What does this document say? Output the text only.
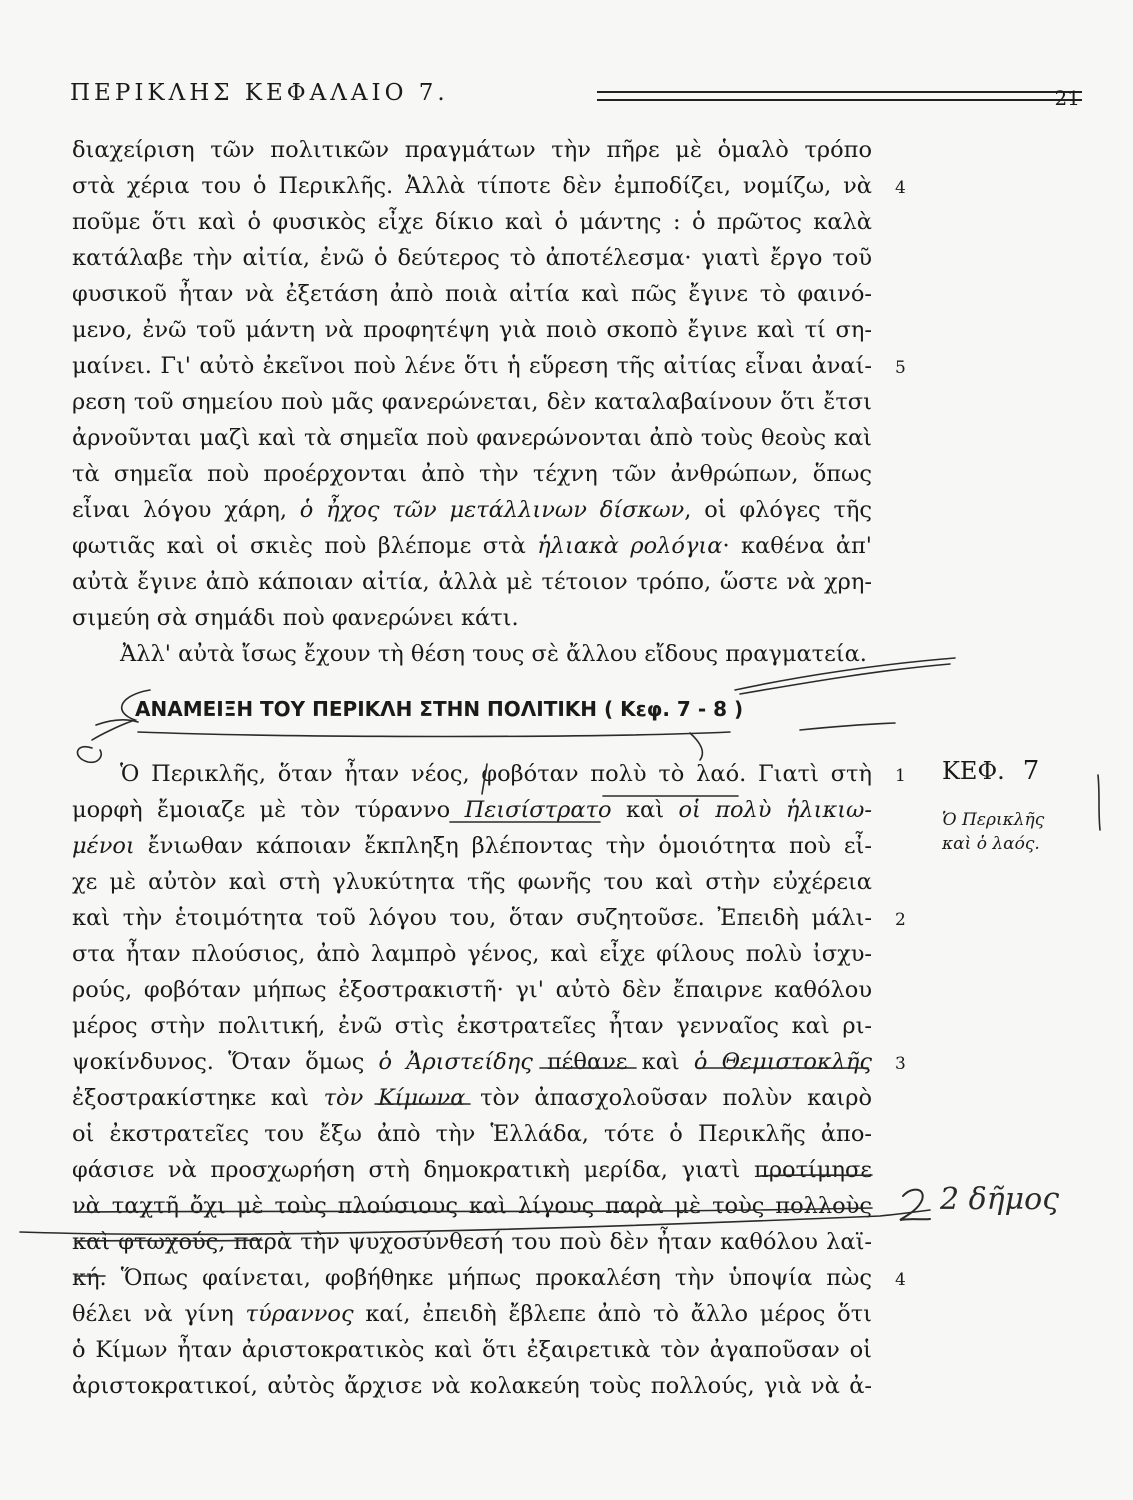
ΠΕΡΙΚΛΗΣ ΚΕΦΑΛΑΙΟ 7.	21
διαχείριση τῶν πολιτικῶν πραγμάτων τὴν πῆρε μὲ ὁμαλὸ τρόπο
στὰ χέρια του ὁ Περικλῆς. Ἀλλὰ τίποτε δὲν ἐμποδίζει, νομίζω, νὰ
ποῦμε ὅτι καὶ ὁ φυσικὸς εἶχε δίκιο καὶ ὁ μάντης : ὁ πρῶτος καλὰ
κατάλαβε τὴν αἰτία, ἐνῶ ὁ δεύτερος τὸ ἀποτέλεσμα· γιατὶ ἔργο τοῦ
φυσικοῦ ἦταν νὰ ἐξετάση ἀπὸ ποιὰ αἰτία καὶ πῶς ἔγινε τὸ φαινό-
μενο, ἐνῶ τοῦ μάντη νὰ προφητέψη γιὰ ποιὸ σκοπὸ ἔγινε καὶ τί ση-
μαίνει. Γι' αὐτὸ ἐκεῖνοι ποὺ λένε ὅτι ἡ εὕρεση τῆς αἰτίας εἶναι ἀναί-
ρεση τοῦ σημείου ποὺ μᾶς φανερώνεται, δὲν καταλαβαίνουν ὅτι ἔτσι
ἀρνοῦνται μαζὶ καὶ τὰ σημεῖα ποὺ φανερώνονται ἀπὸ τοὺς θεοὺς καὶ
τὰ σημεῖα ποὺ προέρχονται ἀπὸ τὴν τέχνη τῶν ἀνθρώπων, ὅπως
εἶναι λόγου χάρη, ὁ ἦχος τῶν μετάλλινων δίσκων, οἱ φλόγες τῆς
φωτιᾶς καὶ οἱ σκιὲς ποὺ βλέπομε στὰ ἡλιακὰ ρολόγια· καθένα ἀπ'
αὐτὰ ἔγινε ἀπὸ κάποιαν αἰτία, ἀλλὰ μὲ τέτοιον τρόπο, ὥστε νὰ χρη-
σιμεύη σὰ σημάδι ποὺ φανερώνει κάτι.
4
5
Ἀλλ' αὐτὰ ἴσως ἔχουν τὴ θέση τους σὲ ἄλλου εἴδους πραγματεία.
ΑΝΑΜΕΙΞΗ ΤΟΥ ΠΕΡΙΚΛΗ ΣΤΗΝ ΠΟΛΙΤΙΚΗ ( Κεφ. 7 - 8 )
Ὁ Περικλῆς, ὅταν ἦταν νέος, φοβόταν πολὺ τὸ λαό. Γιατὶ στὴ
μορφὴ ἔμοιαζε μὲ τὸν τύραννο Πεισίστρατο καὶ οἱ πολὺ ἡλικιω-
μένοι ἔνιωθαν κάποιαν ἔκπληξη βλέποντας τὴν ὁμοιότητα ποὺ εἶ-
χε μὲ αὐτὸν καὶ στὴ γλυκύτητα τῆς φωνῆς του καὶ στὴν εὐχέρεια
καὶ τὴν ἑτοιμότητα τοῦ λόγου του, ὅταν συζητοῦσε. Ἐπειδὴ μάλι-
στα ἦταν πλούσιος, ἀπὸ λαμπρὸ γένος, καὶ εἶχε φίλους πολὺ ἰσχυ-
ρούς, φοβόταν μήπως ἐξοστρακιστῆ· γι' αὐτὸ δὲν ἔπαιρνε καθόλου
μέρος στὴν πολιτική, ἐνῶ στὶς ἐκστρατεῖες ἦταν γενναῖος καὶ ρι-
ψοκίνδυνος. Ὅταν ὅμως ὁ Ἀριστείδης πέθανε καὶ ὁ Θεμιστοκλῆς
ἐξοστρακίστηκε καὶ τὸν Κίμωνα τὸν ἀπασχολοῦσαν πολὺν καιρὸ
οἱ ἐκστρατεῖες του ἔξω ἀπὸ τὴν Ἑλλάδα, τότε ὁ Περικλῆς ἀπο-
φάσισε νὰ προσχωρήση στὴ δημοκρατικὴ μερίδα, γιατὶ προτίμησε
νὰ ταχτῆ ὄχι μὲ τοὺς πλούσιους καὶ λίγους παρὰ μὲ τοὺς πολλοὺς
καὶ φτωχούς, παρὰ τὴν ψυχοσύνθεσή του ποὺ δὲν ἦταν καθόλου λαϊ-
κή. Ὅπως φαίνεται, φοβήθηκε μήπως προκαλέση τὴν ὑποψία πὼς
θέλει νὰ γίνη τύραννος καί, ἐπειδὴ ἔβλεπε ἀπὸ τὸ ἄλλο μέρος ὅτι
ὁ Κίμων ἦταν ἀριστοκρατικὸς καὶ ὅτι ἐξαιρετικὰ τὸν ἀγαποῦσαν οἱ
ἀριστοκρατικοί, αὐτὸς ἄρχισε νὰ κολακεύη τοὺς πολλούς, γιὰ νὰ ἀ-
1
2
3
4
ΚΕΦ. 7
Ὁ Περικλῆς
καὶ ὁ λαός.
2 δῆμος
